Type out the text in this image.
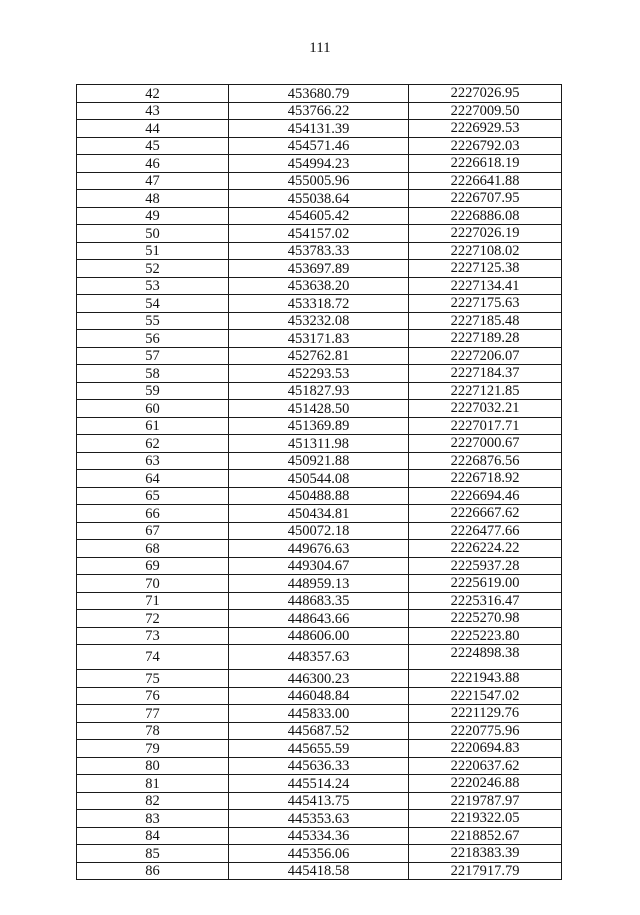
111
42	453680.79	2227026.95
43	453766.22	2227009.50
44	454131.39	2226929.53
45	454571.46	2226792.03
46	454994.23	2226618.19
47	455005.96	2226641.88
48	455038.64	2226707.95
49	454605.42	2226886.08
50	454157.02	2227026.19
51	453783.33	2227108.02
52	453697.89	2227125.38
53	453638.20	2227134.41
54	453318.72	2227175.63
55	453232.08	2227185.48
56	453171.83	2227189.28
57	452762.81	2227206.07
58	452293.53	2227184.37
59	451827.93	2227121.85
60	451428.50	2227032.21
61	451369.89	2227017.71
62	451311.98	2227000.67
63	450921.88	2226876.56
64	450544.08	2226718.92
65	450488.88	2226694.46
66	450434.81	2226667.62
67	450072.18	2226477.66
68	449676.63	2226224.22
69	449304.67	2225937.28
70	448959.13	2225619.00
71	448683.35	2225316.47
72	448643.66	2225270.98
73	448606.00	2225223.80
74	448357.63	2224898.38
75	446300.23	2221943.88
76	446048.84	2221547.02
77	445833.00	2221129.76
78	445687.52	2220775.96
79	445655.59	2220694.83
80	445636.33	2220637.62
81	445514.24	2220246.88
82	445413.75	2219787.97
83	445353.63	2219322.05
84	445334.36	2218852.67
85	445356.06	2218383.39
86	445418.58	2217917.79
